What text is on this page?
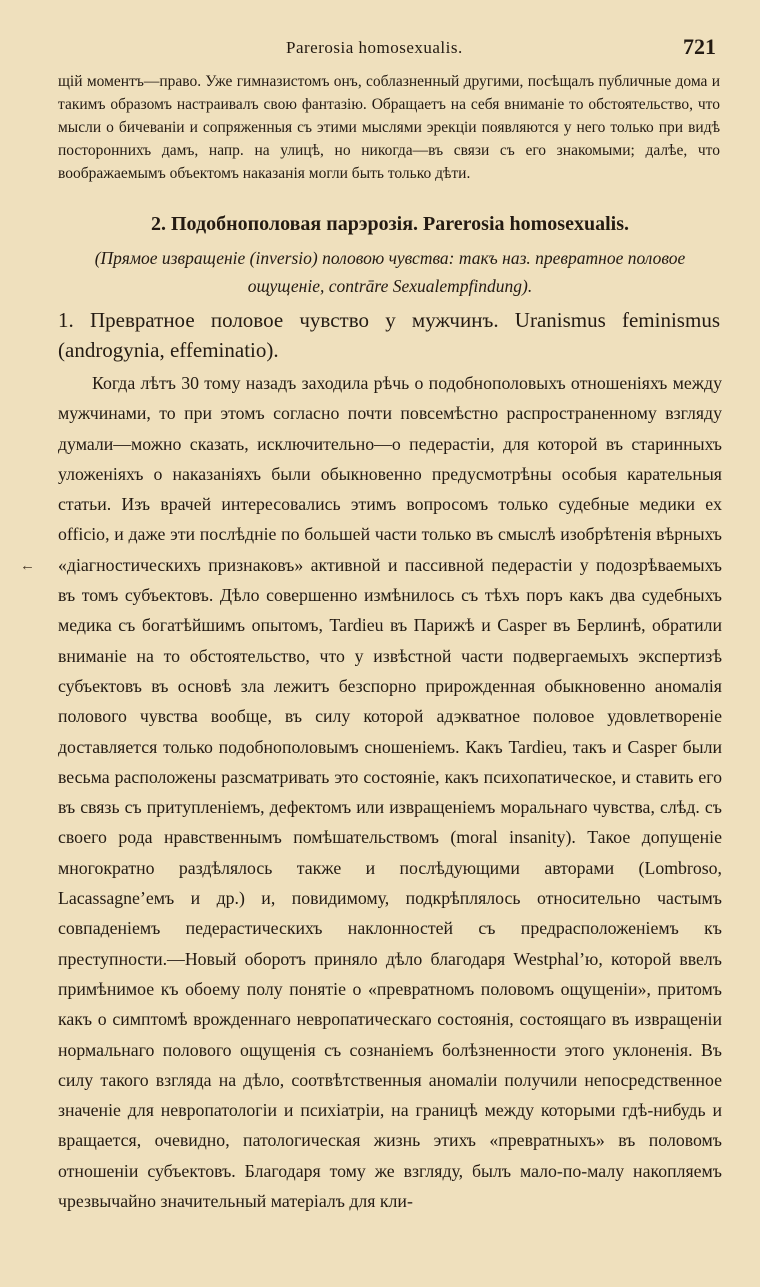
Parerosia homosexualis.	721

щій моментъ—право. Уже гимназистомъ онъ, соблазненный другими, посѣщалъ публичные дома и такимъ образомъ настраивалъ свою фантазію. Обращаетъ на себя вниманіе то обстоятельство, что мысли о бичеваніи и сопряженныя съ этими мыслями эрекціи появляются у него только при видѣ постороннихъ дамъ, напр. на улицѣ, но никогда—въ связи съ его знакомыми; далѣе, что воображаемымъ объектомъ наказанія могли быть только дѣти.

2. Подобнополовая парэрозія. Parerosia homosexualis.
(Прямое извращеніе (inversio) половою чувства: такъ наз. превратное половое ощущеніе, contrāre Sexualempfindung).
1. Превратное половое чувство у мужчинъ. Uranismus feminismus (androgynia, effeminatio).
←

Когда лѣтъ 30 тому назадъ заходила рѣчь о подобнополовыхъ отношеніяхъ между мужчинами, то при этомъ согласно почти повсемѣстно распространенному взгляду думали—можно сказать, исключительно—о педерастіи, для которой въ старинныхъ уложеніяхъ о наказаніяхъ были обыкновенно предусмотрѣны особыя карательныя статьи. Изъ врачей интересовались этимъ вопросомъ только судебные медики ex officio, и даже эти послѣдніе по большей части только въ смыслѣ изобрѣтенія вѣрныхъ «діагностическихъ признаковъ» активной и пассивной педерастіи у подозрѣваемыхъ въ томъ субъектовъ. Дѣло совершенно измѣнилось съ тѣхъ поръ какъ два судебныхъ медика съ богатѣйшимъ опытомъ, Tardieu въ Парижѣ и Casper въ Берлинѣ, обратили вниманіе на то обстоятельство, что у извѣстной части подвергаемыхъ экспертизѣ субъектовъ въ основѣ зла лежитъ безспорно прирожденная обыкновенно аномалія полового чувства вообще, въ силу которой адэкватное половое удовлетвореніе доставляется только подобнополовымъ сношеніемъ. Какъ Tardieu, такъ и Casper были весьма расположены разсматривать это состояніе, какъ психопатическое, и ставить его въ связь съ притупленіемъ, дефектомъ или извращеніемъ моральнаго чувства, слѣд. съ своего рода нравственнымъ помѣшательствомъ (moral insanity). Такое допущеніе многократно раздѣлялось также и послѣдующими авторами (Lombroso, Lacassagne’емъ и др.) и, повидимому, подкрѣплялось относительно частымъ совпаденіемъ педерастическихъ наклонностей съ предрасположеніемъ къ преступности.—Новый оборотъ приняло дѣло благодаря Westphal’ю, которой ввелъ примѣнимое къ обоему полу понятіе о «превратномъ половомъ ощущеніи», притомъ какъ о симптомѣ врожденнаго невропатическаго состоянія, состоящаго въ извращеніи нормальнаго полового ощущенія съ сознаніемъ болѣзненности этого уклоненія. Въ силу такого взгляда на дѣло, соотвѣтственныя аномаліи получили непосредственное значеніе для невропатологіи и психіатріи, на границѣ между которыми гдѣ-нибудь и вращается, очевидно, патологическая жизнь этихъ «превратныхъ» въ половомъ отношеніи субъектовъ. Благодаря тому же взгляду, былъ мало-по-малу накопляемъ чрезвычайно значительный матеріалъ для кли-
